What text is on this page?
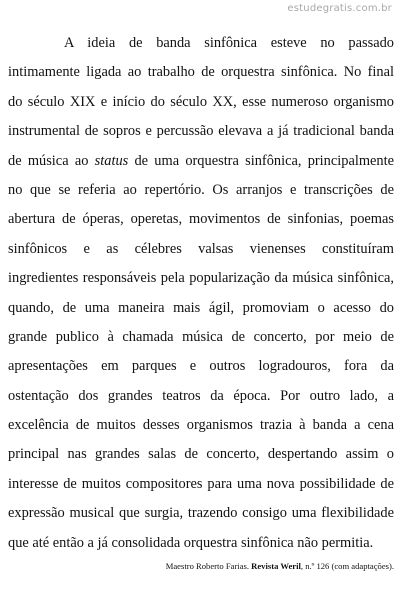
estudegratis.com.br
A ideia de banda sinfônica esteve no passado
intimamente ligada ao trabalho de orquestra sinfônica. No final
do século XIX e início do século XX, esse numeroso organismo
instrumental de sopros e percussão elevava a já tradicional banda
de música ao status de uma orquestra sinfônica, principalmente
no que se referia ao repertório. Os arranjos e transcrições de
abertura de óperas, operetas, movimentos de sinfonias, poemas
sinfônicos e as célebres valsas vienenses constituíram
ingredientes responsáveis pela popularização da música sinfônica,
quando, de uma maneira mais ágil, promoviam o acesso do
grande publico à chamada música de concerto, por meio de
apresentações em parques e outros logradouros, fora da
ostentação dos grandes teatros da época. Por outro lado, a
excelência de muitos desses organismos trazia à banda a cena
principal nas grandes salas de concerto, despertando assim o
interesse de muitos compositores para uma nova possibilidade de
expressão musical que surgia, trazendo consigo uma flexibilidade
que até então a já consolidada orquestra sinfônica não permitia.
Maestro Roberto Farias. Revista Weril, n.º 126 (com adaptações).
